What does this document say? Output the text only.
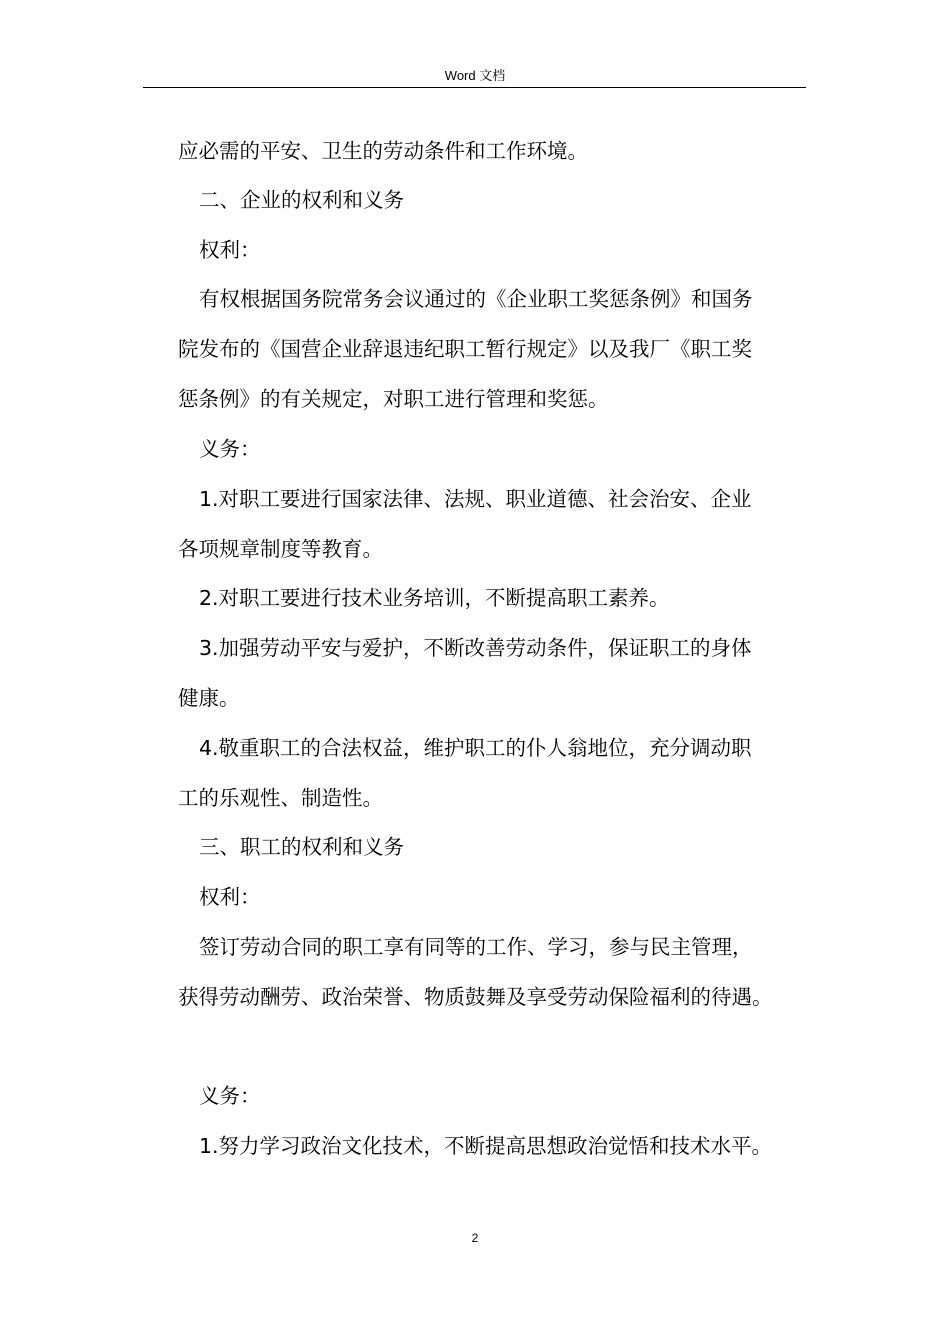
Word 文档
应必需的平安、卫生的劳动条件和工作环境。
二、企业的权利和义务
权利：
有权根据国务院常务会议通过的《企业职工奖惩条例》和国务
院发布的《国营企业辞退违纪职工暂行规定》以及我厂《职工奖
惩条例》的有关规定，对职工进行管理和奖惩。
义务：
1.对职工要进行国家法律、法规、职业道德、社会治安、企业
各项规章制度等教育。
2.对职工要进行技术业务培训，不断提高职工素养。
3.加强劳动平安与爱护，不断改善劳动条件，保证职工的身体
健康。
4.敬重职工的合法权益，维护职工的仆人翁地位，充分调动职
工的乐观性、制造性。
三、职工的权利和义务
权利：
签订劳动合同的职工享有同等的工作、学习，参与民主管理，
获得劳动酬劳、政治荣誉、物质鼓舞及享受劳动保险福利的待遇。
义务：
1.努力学习政治文化技术，不断提高思想政治觉悟和技术水平。
2
